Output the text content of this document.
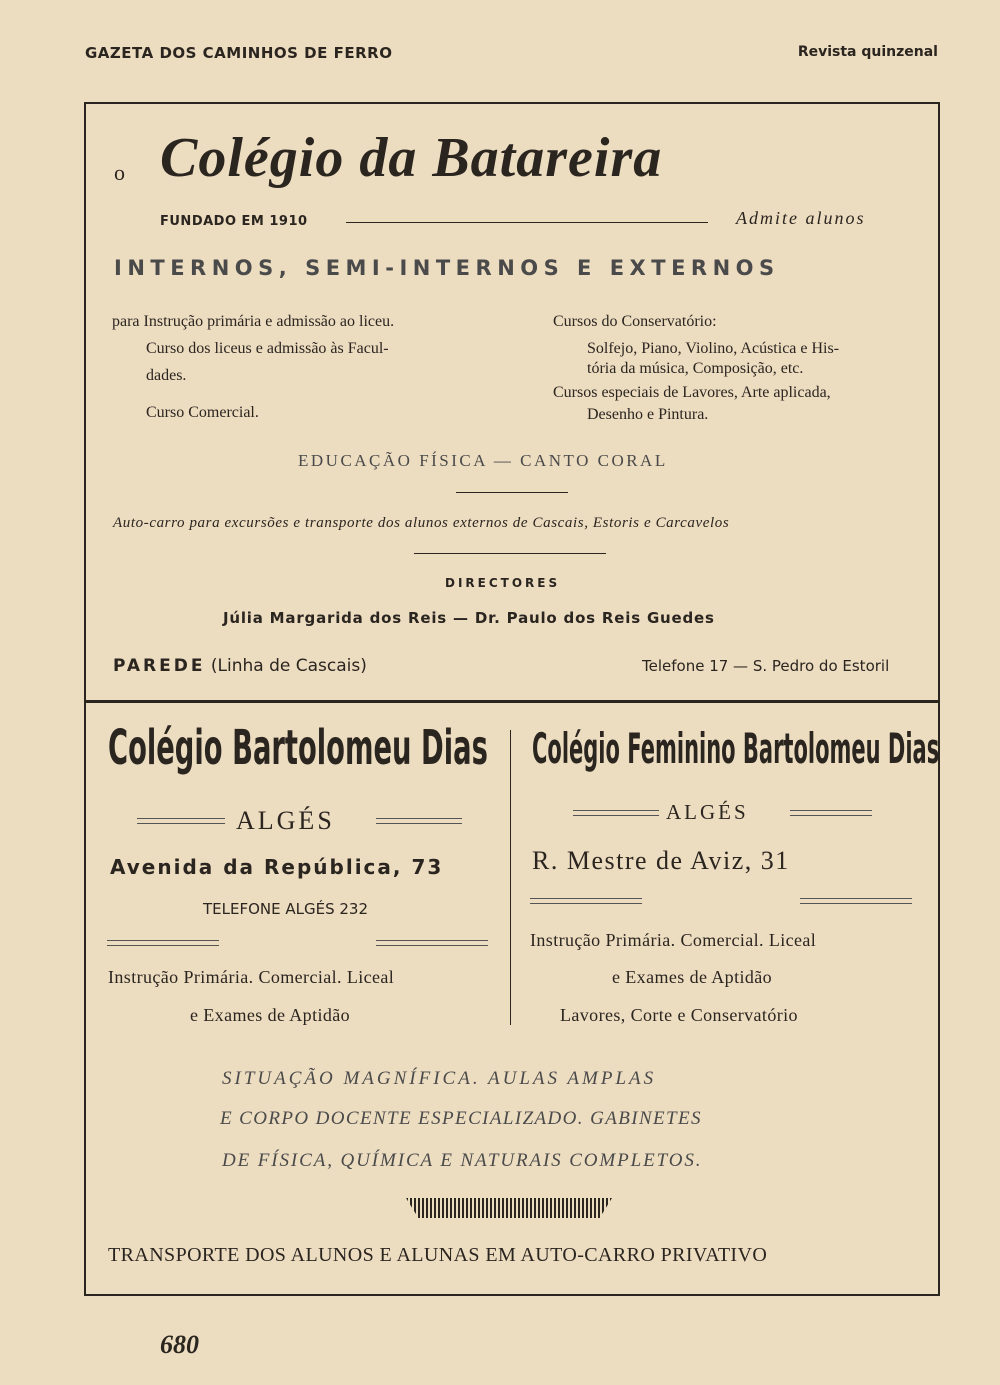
GAZETA DOS CAMINHOS DE FERRO	Revista quinzenal
o Colégio da Batareira
FUNDADO EM 1910	Admite alunos
INTERNOS, SEMI-INTERNOS E EXTERNOS
para Instrução primária e admissão ao liceu.
Curso dos liceus e admissão às Facul-
dades.
Curso Comercial.
Cursos do Conservatório:
Solfejo, Piano, Violino, Acústica e His-
tória da música, Composição, etc.
Cursos especiais de Lavores, Arte aplicada,
Desenho e Pintura.
EDUCAÇÃO FÍSICA — CANTO CORAL
Auto-carro para excursões e transporte dos alunos externos de Cascais, Estoris e Carcavelos
DIRECTORES
Júlia Margarida dos Reis — Dr. Paulo dos Reis Guedes
PAREDE (Linha de Cascais)	Telefone 17 — S. Pedro do Estoril
Colégio Bartolomeu Dias
ALGÉS
Avenida da República, 73
TELEFONE ALGÉS 232
Instrução Primária. Comercial. Liceal
e Exames de Aptidão
Colégio Feminino Bartolomeu Dias
ALGÉS
R. Mestre de Aviz, 31
Instrução Primária. Comercial. Liceal
e Exames de Aptidão
Lavores, Corte e Conservatório
SITUAÇÃO MAGNÍFICA. AULAS AMPLAS
E CORPO DOCENTE ESPECIALIZADO. GABINETES
DE FÍSICA, QUÍMICA E NATURAIS COMPLETOS.
TRANSPORTE DOS ALUNOS E ALUNAS EM AUTO-CARRO PRIVATIVO
680
